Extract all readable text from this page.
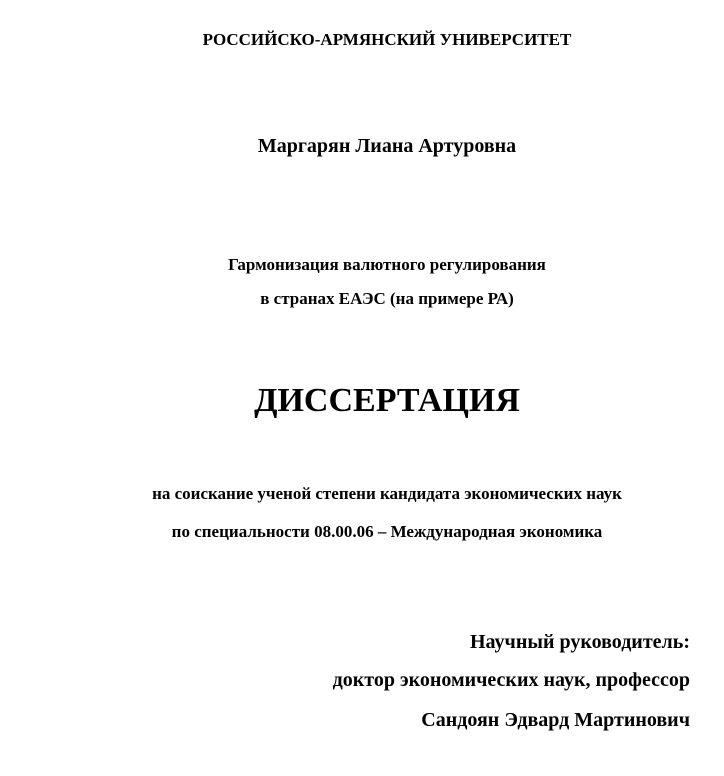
РОССИЙСКО-АРМЯНСКИЙ УНИВЕРСИТЕТ
Маргарян Лиана Артуровна
Гармонизация валютного регулирования
в странах ЕАЭС (на примере РА)
ДИССЕРТАЦИЯ
на соискание ученой степени кандидата экономических наук
по специальности 08.00.06 – Международная экономика
Научный руководитель:
доктор экономических наук, профессор
Сандоян Эдвард Мартинович
